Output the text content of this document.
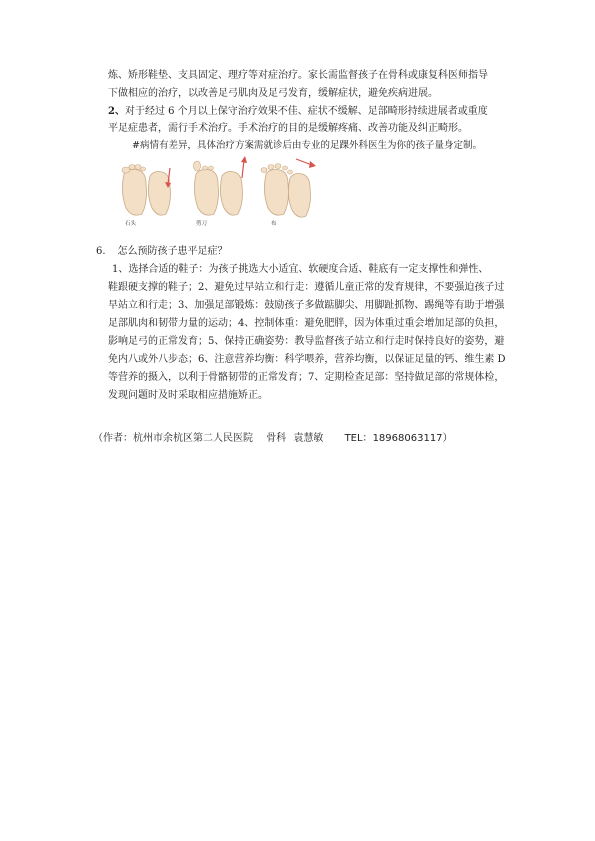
炼、矫形鞋垫、支具固定、理疗等对症治疗。家长需监督孩子在骨科或康复科医师指导
下做相应的治疗，以改善足弓肌肉及足弓发育，缓解症状，避免疾病进展。
2、对于经过 6 个月以上保守治疗效果不佳、症状不缓解、足部畸形持续进展者或重度
平足症患者，需行手术治疗。手术治疗的目的是缓解疼痛、改善功能及纠正畸形。
#病情有差异，具体治疗方案需就诊后由专业的足踝外科医生为你的孩子量身定制。
石头	剪刀	布
6. 怎么预防孩子患平足症？
1、选择合适的鞋子：为孩子挑选大小适宜、软硬度合适、鞋底有一定支撑性和弹性、
鞋跟硬支撑的鞋子；2、避免过早站立和行走：遵循儿童正常的发育规律，不要强迫孩子过
早站立和行走；3、加强足部锻炼：鼓励孩子多做踮脚尖、用脚趾抓物、踢绳等有助于增强
足部肌肉和韧带力量的运动；4、控制体重：避免肥胖，因为体重过重会增加足部的负担，
影响足弓的正常发育；5、保持正确姿势：教导监督孩子站立和行走时保持良好的姿势，避
免内八或外八步态；6、注意营养均衡：科学喂养，营养均衡，以保证足量的钙、维生素 D
等营养的摄入，以利于骨骼韧带的正常发育；7、定期检查足部：坚持做足部的常规体检，
发现问题时及时采取相应措施矫正。
（作者：杭州市余杭区第二人民医院 骨科 袁慧敏 TEL：18968063117）
